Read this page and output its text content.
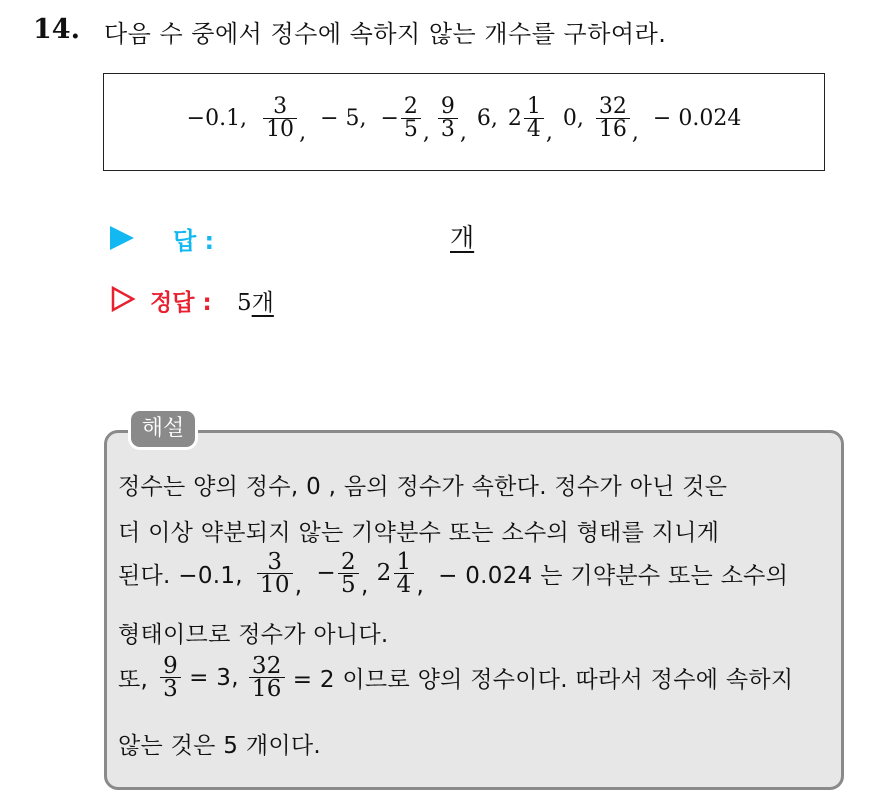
14. 다음 수 중에서 정수에 속하지 않는 개수를 구하여라.
−0.1, $\frac{3}{10}$ ,
− 5, − $\frac{2}{5}$ , $\frac{9}{3}$ ,
6, $2 \frac{1}{4}$ ,
0, $\frac{32}{16}$ ,
− 0.024
답 :	개
정답 : 5개
해설
정수는 양의 정수, 0 , 음의 정수가 속한다. 정수가 아닌 것은
더 이상 약분되지 않는 기약분수 또는 소수의 형태를 지니게
된다. −0.1, $\frac{3}{10}$ , − $\frac{2}{5}$ , $2 \frac{1}{4}$ , − 0.024 는 기약분수 또는 소수의
형태이므로 정수가 아니다.
또, $\frac{9}{3} = 3$, $\frac{32}{16} = 2$ 이므로 양의 정수이다. 따라서 정수에 속하지
않는 것은 5 개이다.
